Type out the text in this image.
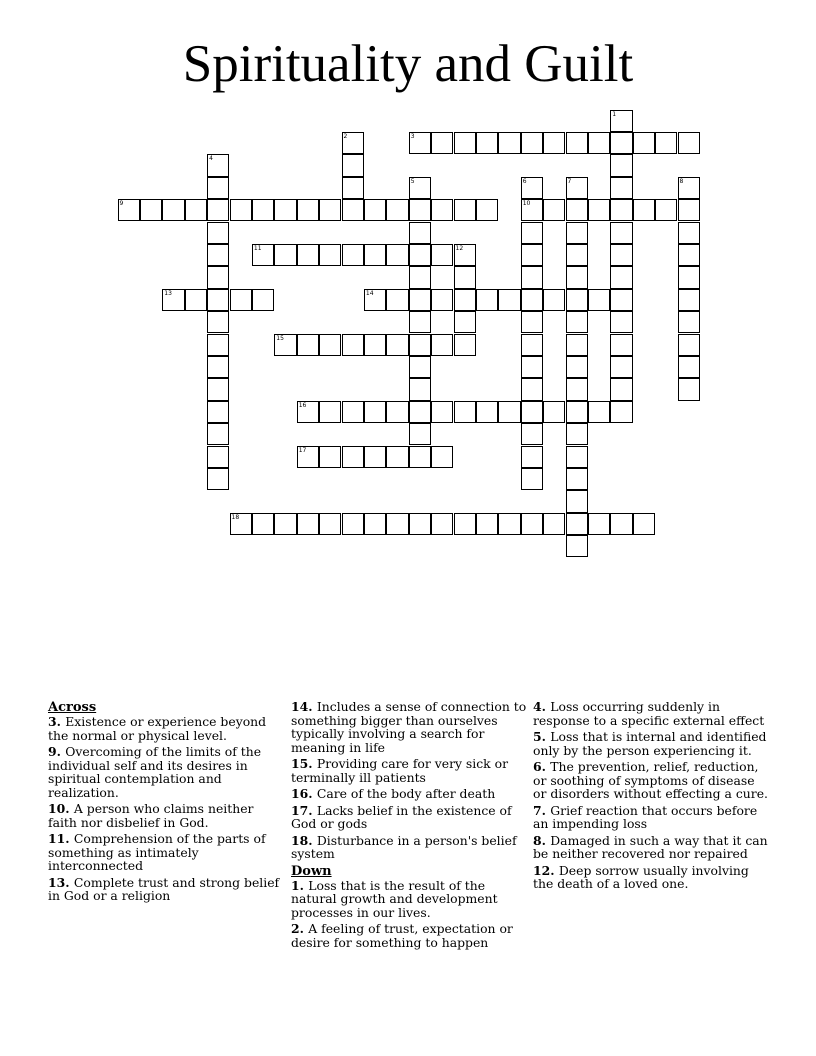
Spirituality and Guilt
1
2	3
4
5	6
10
7	8
9
11	12
13	14
15
16
17
18
Across
3. Existence or experience beyond the normal or physical level.
9. Overcoming of the limits of the individual self and its desires in spiritual contemplation and realization.
10. A person who claims neither faith nor disbelief in God.
11. Comprehension of the parts of something as intimately interconnected
13. Complete trust and strong belief in God or a religion
14. Includes a sense of connection to something bigger than ourselves typically involving a search for meaning in life
15. Providing care for very sick or terminally ill patients
16. Care of the body after death
17. Lacks belief in the existence of God or gods
18. Disturbance in a person's belief system
Down
1. Loss that is the result of the natural growth and development processes in our lives.
2. A feeling of trust, expectation or desire for something to happen
4. Loss occurring suddenly in response to a specific external effect
5. Loss that is internal and identified only by the person experiencing it.
6. The prevention, relief, reduction, or soothing of symptoms of disease or disorders without effecting a cure.
7. Grief reaction that occurs before an impending loss
8. Damaged in such a way that it can be neither recovered nor repaired
12. Deep sorrow usually involving the death of a loved one.
